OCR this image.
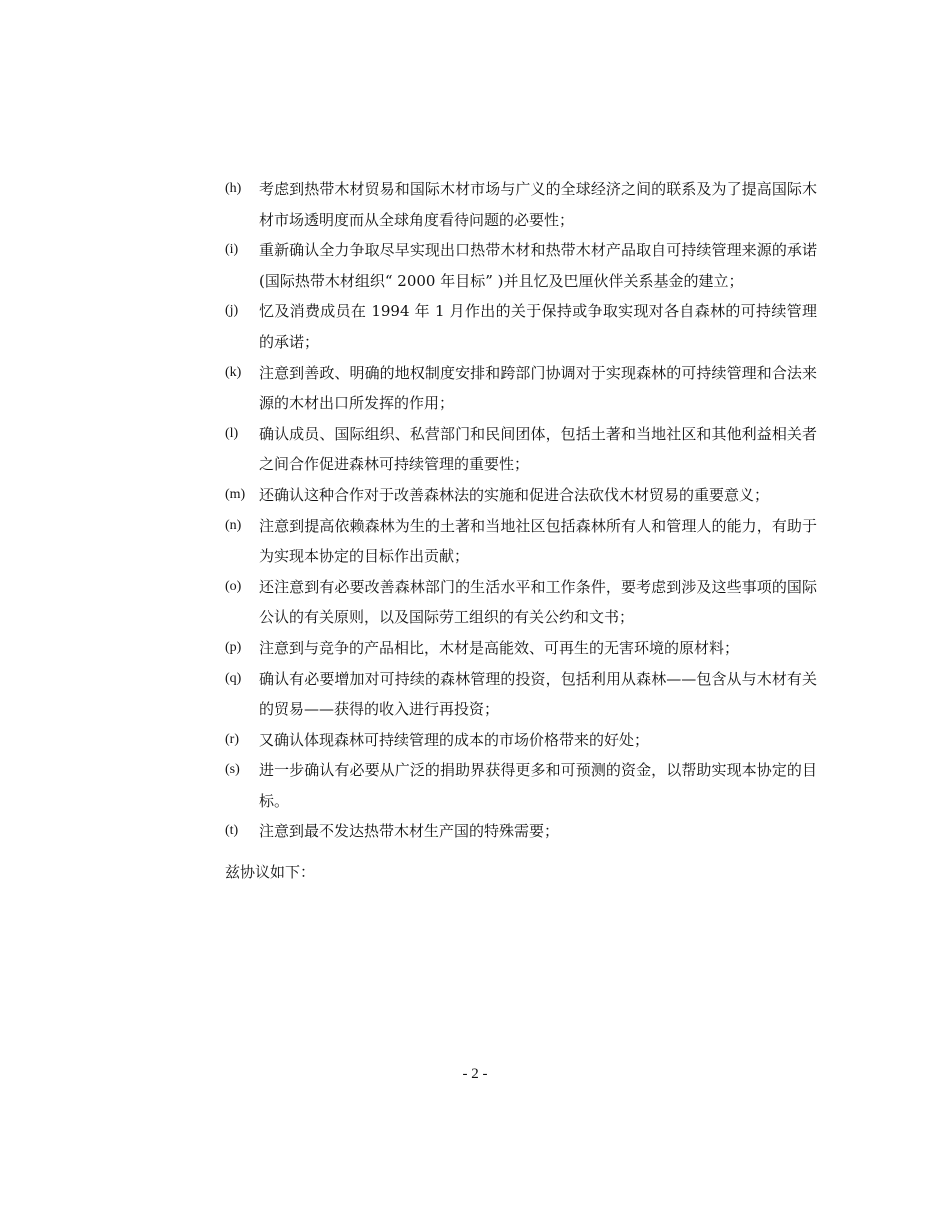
(h)	考虑到热带木材贸易和国际木材市场与广义的全球经济之间的联系及为了提高国际木材市场透明度而从全球角度看待问题的必要性；
(i)	重新确认全力争取尽早实现出口热带木材和热带木材产品取自可持续管理来源的承诺(国际热带木材组织“ 2000 年目标” )并且忆及巴厘伙伴关系基金的建立；
(j)	忆及消费成员在 1994 年 1 月作出的关于保持或争取实现对各自森林的可持续管理的承诺；
(k)	注意到善政、明确的地权制度安排和跨部门协调对于实现森林的可持续管理和合法来源的木材出口所发挥的作用；
(l)	确认成员、国际组织、私营部门和民间团体，包括土著和当地社区和其他利益相关者之间合作促进森林可持续管理的重要性；
(m) 还确认这种合作对于改善森林法的实施和促进合法砍伐木材贸易的重要意义；
(n)	注意到提高依赖森林为生的土著和当地社区包括森林所有人和管理人的能力，有助于为实现本协定的目标作出贡献；
(o)	还注意到有必要改善森林部门的生活水平和工作条件，要考虑到涉及这些事项的国际公认的有关原则，以及国际劳工组织的有关公约和文书；
(p)	注意到与竞争的产品相比，木材是高能效、可再生的无害环境的原材料；
(q)	确认有必要增加对可持续的森林管理的投资，包括利用从森林——包含从与木材有关的贸易——获得的收入进行再投资；
(r)	又确认体现森林可持续管理的成本的市场价格带来的好处；
(s)	进一步确认有必要从广泛的捐助界获得更多和可预测的资金，以帮助实现本协定的目标。
(t)	注意到最不发达热带木材生产国的特殊需要；
兹协议如下：
- 2 -
